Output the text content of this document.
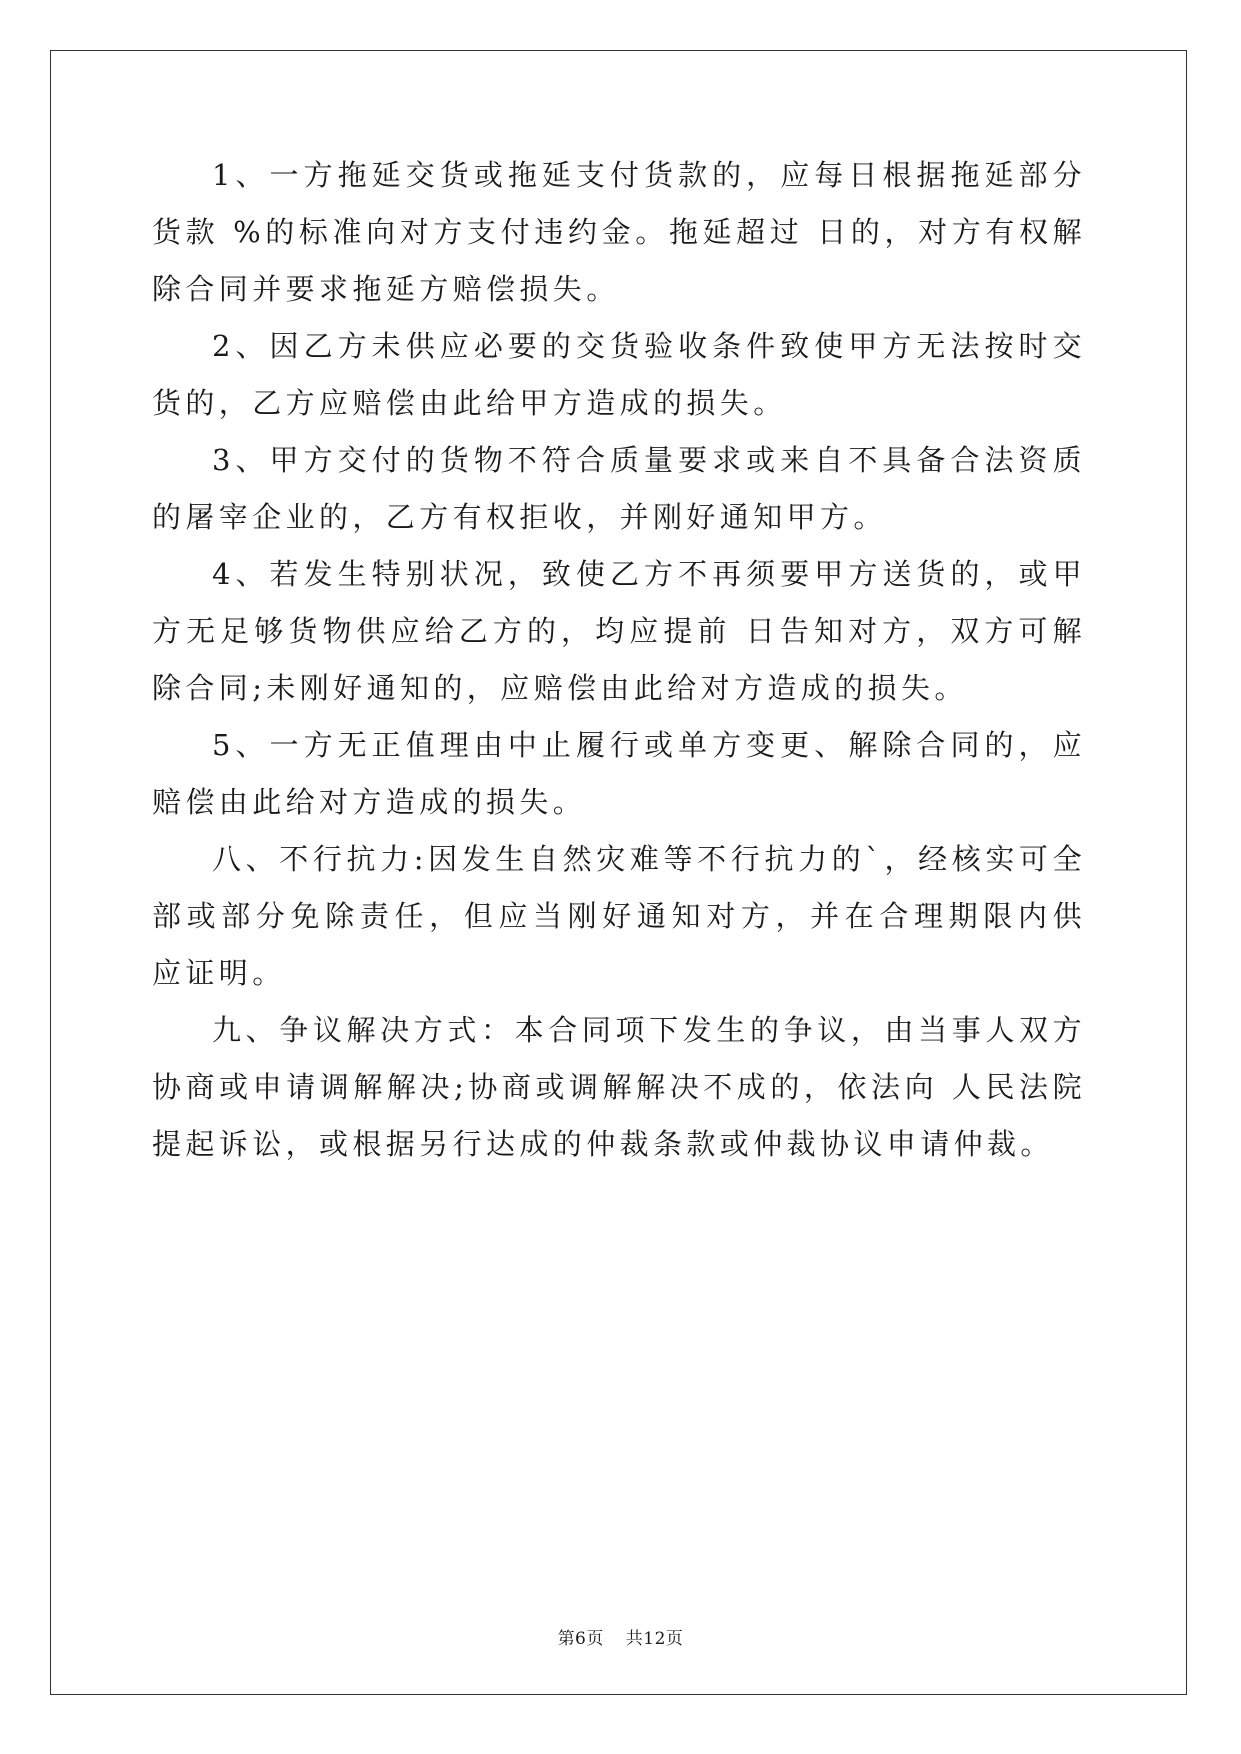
1、一方拖延交货或拖延支付货款的，应每日根据拖延部分货款 %的标准向对方支付违约金。拖延超过 日的，对方有权解除合同并要求拖延方赔偿损失。

2、因乙方未供应必要的交货验收条件致使甲方无法按时交货的，乙方应赔偿由此给甲方造成的损失。

3、甲方交付的货物不符合质量要求或来自不具备合法资质的屠宰企业的，乙方有权拒收，并刚好通知甲方。

4、若发生特别状况，致使乙方不再须要甲方送货的，或甲方无足够货物供应给乙方的，均应提前 日告知对方，双方可解除合同;未刚好通知的，应赔偿由此给对方造成的损失。

5、一方无正值理由中止履行或单方变更、解除合同的，应赔偿由此给对方造成的损失。

八、不行抗力:因发生自然灾难等不行抗力的`，经核实可全部或部分免除责任，但应当刚好通知对方，并在合理期限内供应证明。

九、争议解决方式：本合同项下发生的争议，由当事人双方协商或申请调解解决;协商或调解解决不成的，依法向 人民法院提起诉讼，或根据另行达成的仲裁条款或仲裁协议申请仲裁。

第6页 共12页
